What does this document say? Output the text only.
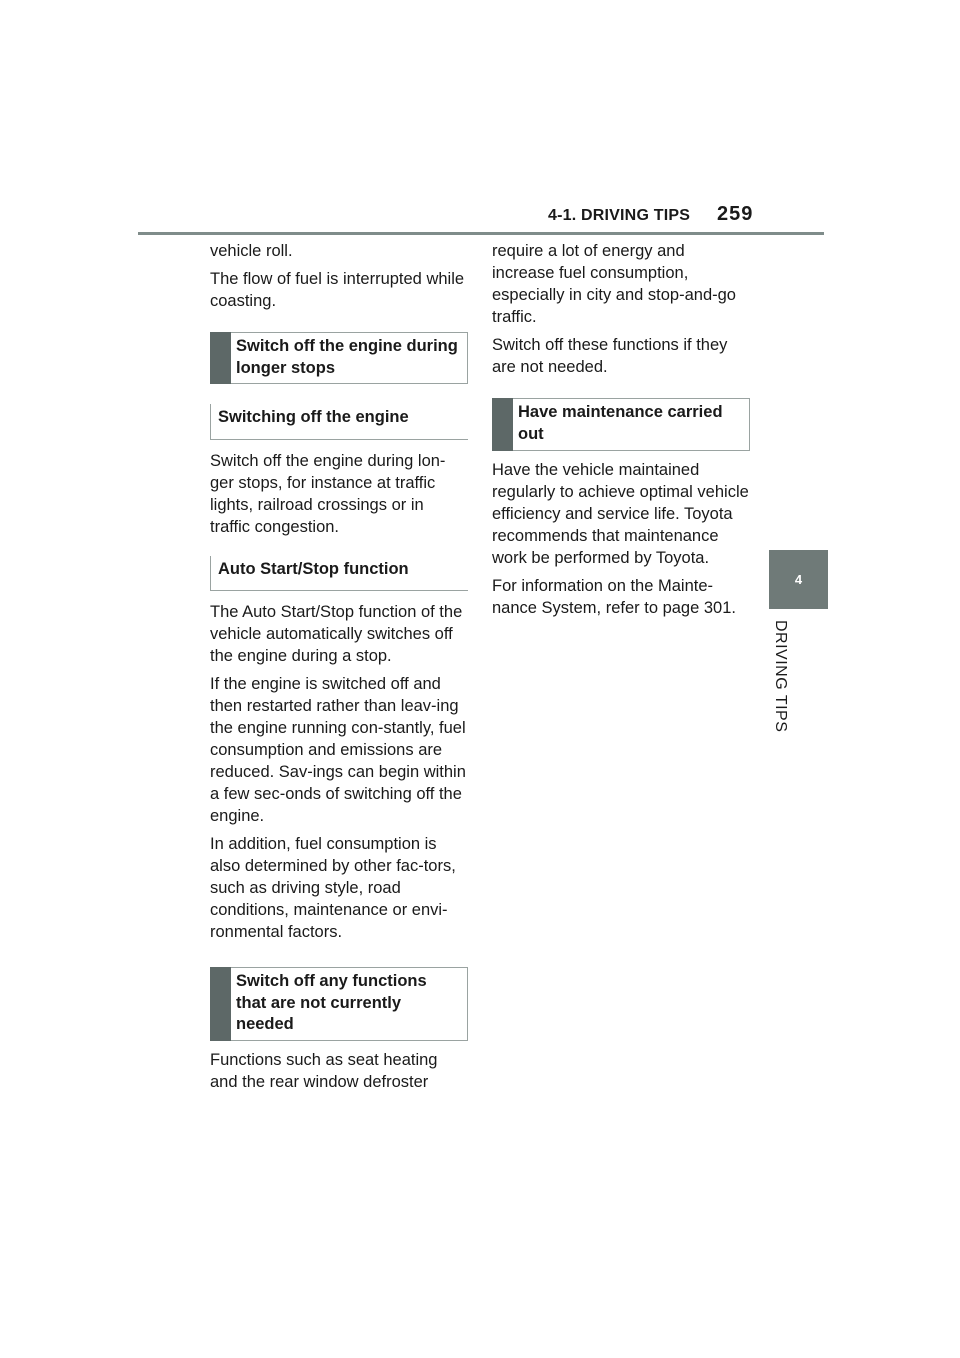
4-1. DRIVING TIPS 259
4
DRIVING TIPS

vehicle roll.

The flow of fuel is interrupted while coasting.

Switch off the engine during longer stops
Switching off the engine

Switch off the engine during lon-ger stops, for instance at traffic lights, railroad crossings or in traffic congestion.

Auto Start/Stop function

The Auto Start/Stop function of the vehicle automatically switches off the engine during a stop.

If the engine is switched off and then restarted rather than leav-ing the engine running con-stantly, fuel consumption and emissions are reduced. Sav-ings can begin within a few sec-onds of switching off the engine.

In addition, fuel consumption is also determined by other fac-tors, such as driving style, road conditions, maintenance or envi-ronmental factors.

Switch off any functions that are not currently needed

Functions such as seat heating and the rear window defroster

require a lot of energy and increase fuel consumption, especially in city and stop-and-go traffic.

Switch off these functions if they are not needed.

Have maintenance carried out

Have the vehicle maintained regularly to achieve optimal vehicle efficiency and service life. Toyota recommends that maintenance work be performed by Toyota.

For information on the Mainte-nance System, refer to page 301.
